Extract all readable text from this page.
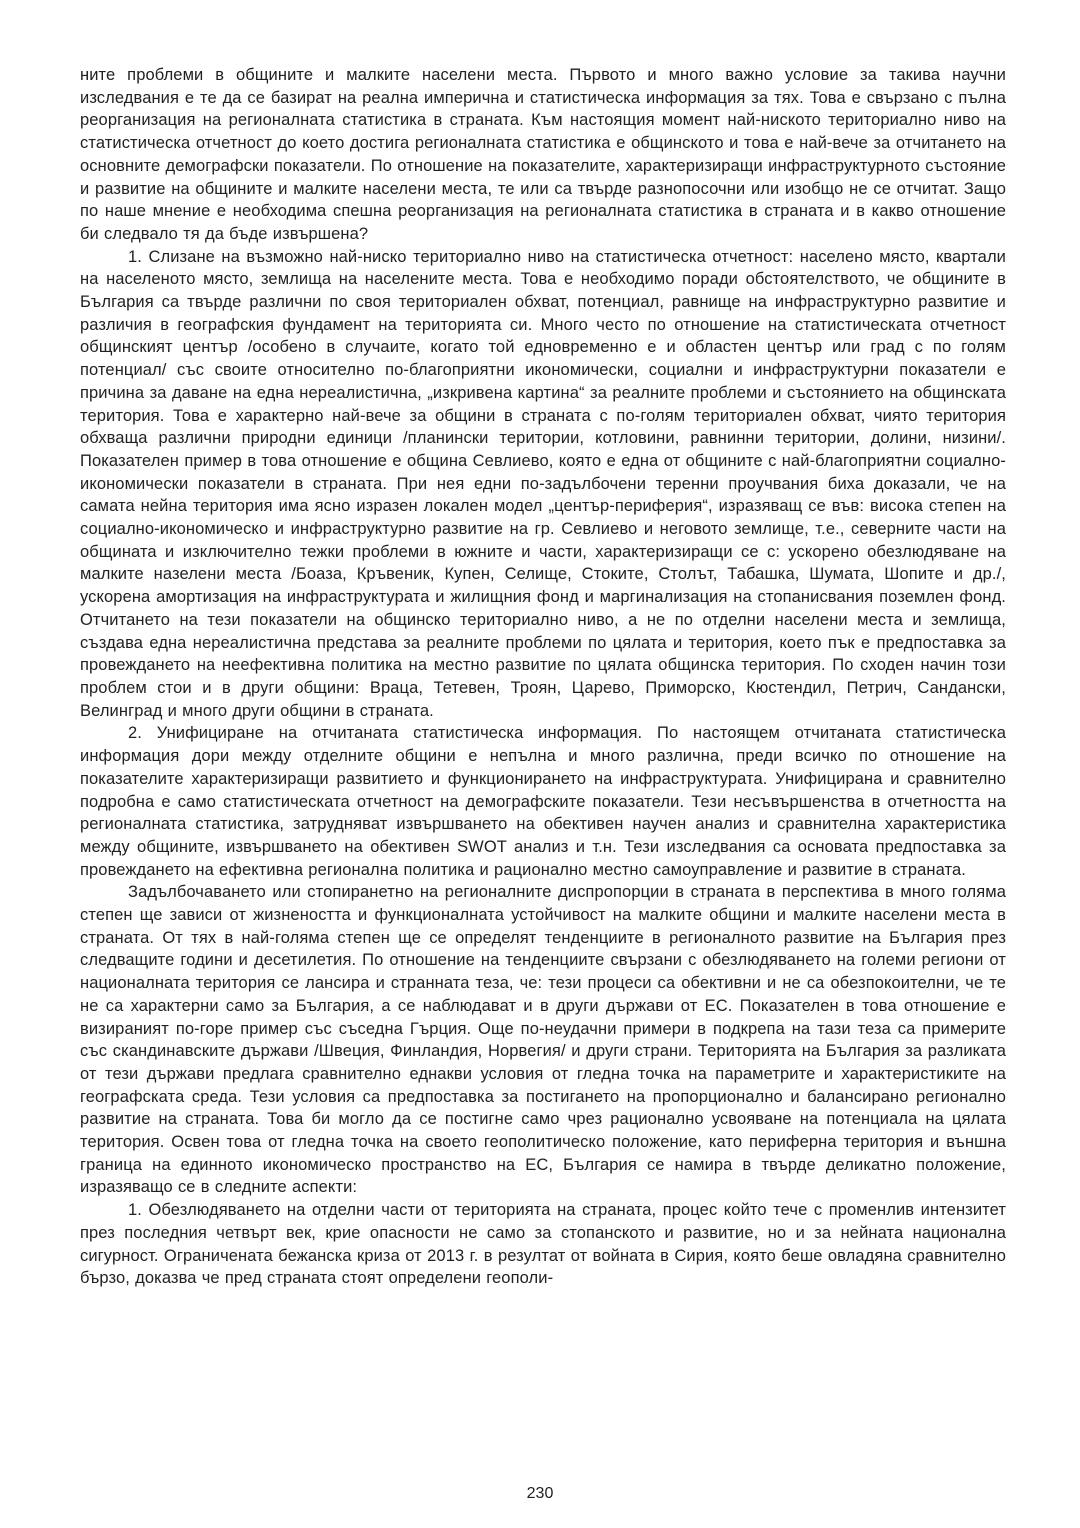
ните проблеми в общините и малките населени места. Първото и много важно условие за такива научни изследвания е те да се базират на реална имперична и статистическа информация за тях. Това е свързано с пълна реорганизация на регионалната статистика в страната. Към настоящия момент най-ниското териториално ниво на статистическа отчетност до което достига регионалната статистика е общинското и това е най-вече за отчитането на основните демографски показатели. По отношение на показателите, характеризиращи инфраструктурното състояние и развитие на общините и малките населени места, те или са твърде разнопосочни или изобщо не се отчитат. Защо по наше мнение е необходима спешна реорганизация на регионалната статистика в страната и в какво отношение би следвало тя да бъде извършена?

1. Слизане на възможно най-ниско териториално ниво на статистическа отчетност: населено място, квартали на населеното място, землища на населените места. Това е необходимо поради обстоятелството, че общините в България са твърде различни по своя териториален обхват, потенциал, равнище на инфраструктурно развитие и различия в географския фундамент на територията си. Много често по отношение на статистическата отчетност общинският център /особено в случаите, когато той едновременно е и областен център или град с по голям потенциал/ със своите относително по-благоприятни икономически, социални и инфраструктурни показатели е причина за даване на една нереалистична, „изкривена картина“ за реалните проблеми и състоянието на общинската територия. Това е характерно най-вече за общини в страната с по-голям териториален обхват, чиято територия обхваща различни природни единици /планински територии, котловини, равнинни територии, долини, низини/. Показателен пример в това отношение е община Севлиево, която е една от общините с най-благоприятни социално-икономически показатели в страната. При нея едни по-задълбочени теренни проучвания биха доказали, че на самата нейна територия има ясно изразен локален модел „център-периферия“, изразяващ се във: висока степен на социално-икономическо и инфраструктурно развитие на гр. Севлиево и неговото землище, т.е., северните части на общината и изключително тежки проблеми в южните и части, характеризиращи се с: ускорено обезлюдяване на малките назелени места /Боаза, Кръвеник, Купен, Селище, Стоките, Столът, Табашка, Шумата, Шопите и др./, ускорена амортизация на инфраструктурата и жилищния фонд и маргинализация на стопанисвания поземлен фонд. Отчитането на тези показатели на общинско териториално ниво, а не по отделни населени места и землища, създава една нереалистична представа за реалните проблеми по цялата и територия, което пък е предпоставка за провеждането на неефективна политика на местно развитие по цялата общинска територия. По сходен начин този проблем стои и в други общини: Враца, Тетевен, Троян, Царево, Приморско, Кюстендил, Петрич, Сандански, Велинград и много други общини в страната.

2. Унифициране на отчитаната статистическа информация. По настоящем отчитаната статистическа информация дори между отделните общини е непълна и много различна, преди всичко по отношение на показателите характеризиращи развитието и функционирането на инфраструктурата. Унифицирана и сравнително подробна е само статистическата отчетност на демографските показатели. Тези несъвършенства в отчетността на регионалната статистика, затрудняват извършването на обективен научен анализ и сравнителна характеристика между общините, извършването на обективен SWOT анализ и т.н. Тези изследвания са основата предпоставка за провеждането на ефективна регионална политика и рационално местно самоуправление и развитие в страната.

Задълбочаването или стопиранетно на регионалните диспропорции в страната в перспектива в много голяма степен ще зависи от жизнеността и функционалната устойчивост на малките общини и малките населени места в страната. От тях в най-голяма степен ще се определят тенденциите в регионалното развитие на България през следващите години и десетилетия. По отношение на тенденциите свързани с обезлюдяването на големи региони от националната територия се лансира и странната теза, че: тези процеси са обективни и не са обезпокоителни, че те не са характерни само за България, а се наблюдават и в други държави от ЕС. Показателен в това отношение е визираният по-горе пример със съседна Гърция. Още по-неудачни примери в подкрепа на тази теза са примерите със скандинавските държави /Швеция, Финландия, Норвегия/ и други страни. Територията на България за разликата от тези държави предлага сравнително еднакви условия от гледна точка на параметрите и характеристиките на географската среда. Тези условия са предпоставка за постигането на пропорционално и балансирано регионално развитие на страната. Това би могло да се постигне само чрез рационално усвояване на потенциала на цялата територия. Освен това от гледна точка на своето геополитическо положение, като периферна територия и външна граница на единното икономическо пространство на ЕС, България се намира в твърде деликатно положение, изразяващо се в следните аспекти:

1. Обезлюдяването на отделни части от територията на страната, процес който тече с променлив интензитет през последния четвърт век, крие опасности не само за стопанското и развитие, но и за нейната национална сигурност. Ограничената бежанска криза от 2013 г. в резултат от войната в Сирия, която беше овладяна сравнително бързо, доказва че пред страната стоят определени геополи-

230
